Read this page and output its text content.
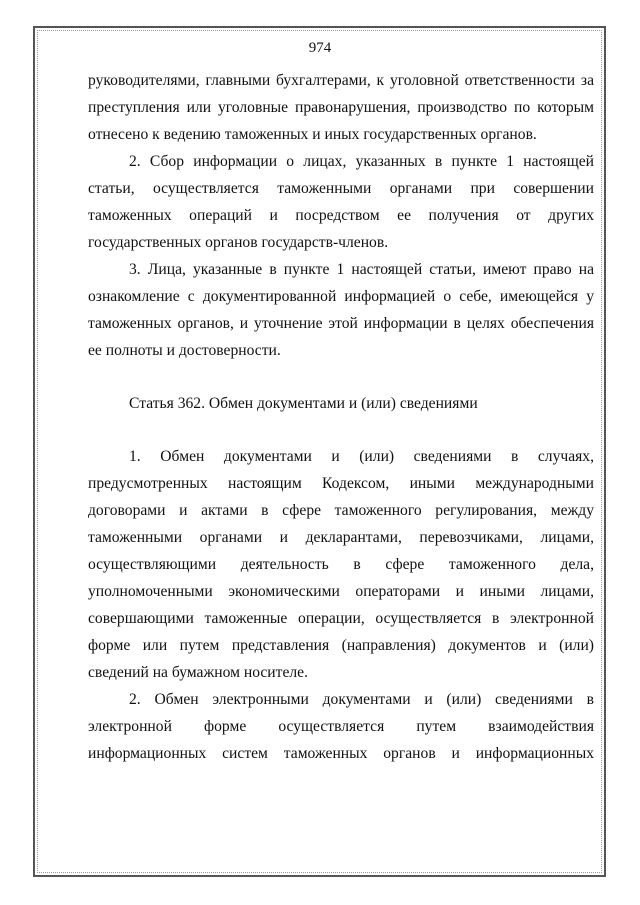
974

руководителями, главными бухгалтерами, к уголовной ответственности за преступления или уголовные правонарушения, производство по которым отнесено к ведению таможенных и иных государственных органов.

2. Сбор информации о лицах, указанных в пункте 1 настоящей статьи, осуществляется таможенными органами при совершении таможенных операций и посредством ее получения от других государственных органов государств-членов.

3. Лица, указанные в пункте 1 настоящей статьи, имеют право на ознакомление с документированной информацией о себе, имеющейся у таможенных органов, и уточнение этой информации в целях обеспечения ее полноты и достоверности.

Статья 362. Обмен документами и (или) сведениями

1. Обмен документами и (или) сведениями в случаях, предусмотренных настоящим Кодексом, иными международными договорами и актами в сфере таможенного регулирования, между таможенными органами и декларантами, перевозчиками, лицами, осуществляющими деятельность в сфере таможенного дела, уполномоченными экономическими операторами и иными лицами, совершающими таможенные операции, осуществляется в электронной форме или путем представления (направления) документов и (или) сведений на бумажном носителе.

2. Обмен электронными документами и (или) сведениями в электронной форме осуществляется путем взаимодействия информационных систем таможенных органов и информационных
